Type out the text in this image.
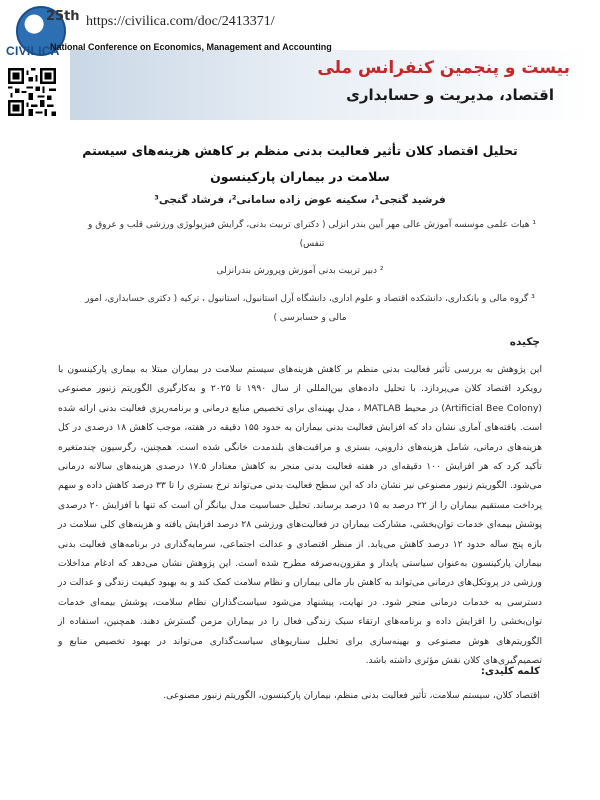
25th
CIVILICA
https://civilica.com/doc/2413371/
National Conference on Economics, Management and Accounting
بیست و پنجمین کنفرانس ملی
اقتصاد، مدیریت و حسابداری
تحلیل اقتصاد کلان تأثیر فعالیت بدنی منظم بر کاهش هزینه‌های سیستم سلامت در بیماران پارکینسون
فرشید گنجی¹، سکینه عوض زاده سامانی²، فرشاد گنجی³
¹ هیات علمی موسسه آموزش عالی مهر آیین بندر انزلی ( دکترای تربیت بدنی، گرایش فیزیولوژی ورزشی قلب و عروق و تنفس)
² دبیر تربیت بدنی آموزش وپرورش بندرانزلی
³ گروه مالی و بانکداری، دانشکده اقتصاد و علوم اداری، دانشگاه آرل استانبول، استانبول ، ترکیه ( دکتری حسابداری، امور مالی و حسابرسی )
چکیده
این پژوهش به بررسی تأثیر فعالیت بدنی منظم بر کاهش هزینه‌های سیستم سلامت در بیماران مبتلا به بیماری پارکینسون با رویکرد اقتصاد کلان می‌پردازد. با تحلیل داده‌های بین‌المللی از سال ۱۹۹۰ تا ۲۰۲۵ و به‌کارگیری الگوریتم زنبور مصنوعی (Artificial Bee Colony) در محیط MATLAB ، مدل بهینه‌ای برای تخصیص منابع درمانی و برنامه‌ریزی فعالیت بدنی ارائه شده است. یافته‌های آماری نشان داد که افزایش فعالیت بدنی بیماران به حدود ۱۵۵ دقیقه در هفته، موجب کاهش ۱۸ درصدی در کل هزینه‌های درمانی، شامل هزینه‌های دارویی، بستری و مراقبت‌های بلندمدت خانگی شده است. همچنین، رگرسیون چندمتغیره تأکید کرد که هر افزایش ۱۰۰ دقیقه‌ای در هفته فعالیت بدنی منجر به کاهش معنادار ۱۷.۵ درصدی هزینه‌های سالانه درمانی می‌شود. الگوریتم زنبور مصنوعی نیز نشان داد که این سطح فعالیت بدنی می‌تواند نرخ بستری را تا ۳۳ درصد کاهش داده و سهم پرداخت مستقیم بیماران را از ۲۲ درصد به ۱۵ درصد برساند. تحلیل حساسیت مدل بیانگر آن است که تنها با افزایش ۲۰ درصدی پوشش بیمه‌ای خدمات توان‌بخشی، مشارکت بیماران در فعالیت‌های ورزشی ۲۸ درصد افزایش یافته و هزینه‌های کلی سلامت در بازه پنج ساله حدود ۱۲ درصد کاهش می‌یابد. از منظر اقتصادی و عدالت اجتماعی، سرمایه‌گذاری در برنامه‌های فعالیت بدنی بیماران پارکینسون به‌عنوان سیاستی پایدار و مقرون‌به‌صرفه مطرح شده است. این پژوهش نشان می‌دهد که ادغام مداخلات ورزشی در پروتکل‌های درمانی می‌تواند به کاهش بار مالی بیماران و نظام سلامت کمک کند و به بهبود کیفیت زندگی و عدالت در دسترسی به خدمات درمانی منجر شود. در نهایت، پیشنهاد می‌شود سیاست‌گذاران نظام سلامت، پوشش بیمه‌ای خدمات توان‌بخشی را افزایش داده و برنامه‌های ارتقاء سبک زندگی فعال را در بیماران مزمن گسترش دهند. همچنین، استفاده از الگوریتم‌های هوش مصنوعی و بهینه‌سازی برای تحلیل سناریوهای سیاست‌گذاری می‌تواند در بهبود تخصیص منابع و تصمیم‌گیری‌های کلان نقش مؤثری داشته باشد.
کلمه کلیدی:
اقتصاد کلان، سیستم سلامت، تأثیر فعالیت بدنی منظم، بیماران پارکینسون، الگوریتم زنبور مصنوعی.
